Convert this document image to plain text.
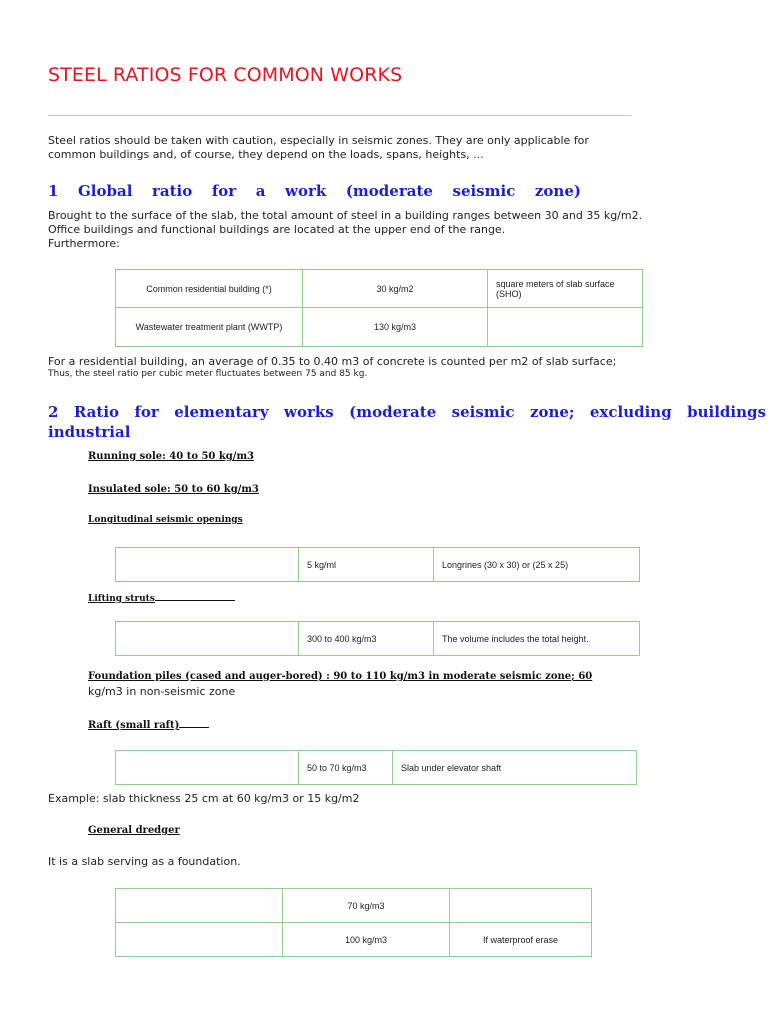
STEEL RATIOS FOR COMMON WORKS
Steel ratios should be taken with caution, especially in seismic zones. They are only applicable for
common buildings and, of course, they depend on the loads, spans, heights, ...
1 Global ratio for a work (moderate seismic zone)
Brought to the surface of the slab, the total amount of steel in a building ranges between 30 and 35 kg/m2.
Office buildings and functional buildings are located at the upper end of the range.
Furthermore:
Common residential building (*)	30 kg/m2	square meters of slab surface (SHO)
Wastewater treatment plant (WWTP)	130 kg/m3	
For a residential building, an average of 0.35 to 0.40 m3 of concrete is counted per m2 of slab surface;
Thus, the steel ratio per cubic meter fluctuates between 75 and 85 kg.
2 Ratio for elementary works (moderate seismic zone; excluding buildings
industrial
Running sole: 40 to 50 kg/m3
Insulated sole: 50 to 60 kg/m3
Longitudinal seismic openings
	5 kg/ml	Longrines (30 x 30) or (25 x 25)
Lifting struts
	300 to 400 kg/m3	The volume includes the total height.
Foundation piles (cased and auger-bored) : 90 to 110 kg/m3 in moderate seismic zone; 60
kg/m3 in non-seismic zone
Raft (small raft)
	50 to 70 kg/m3	Slab under elevator shaft
Example: slab thickness 25 cm at 60 kg/m3 or 15 kg/m2
General dredger
It is a slab serving as a foundation.
	70 kg/m3	
	100 kg/m3	If waterproof erase
